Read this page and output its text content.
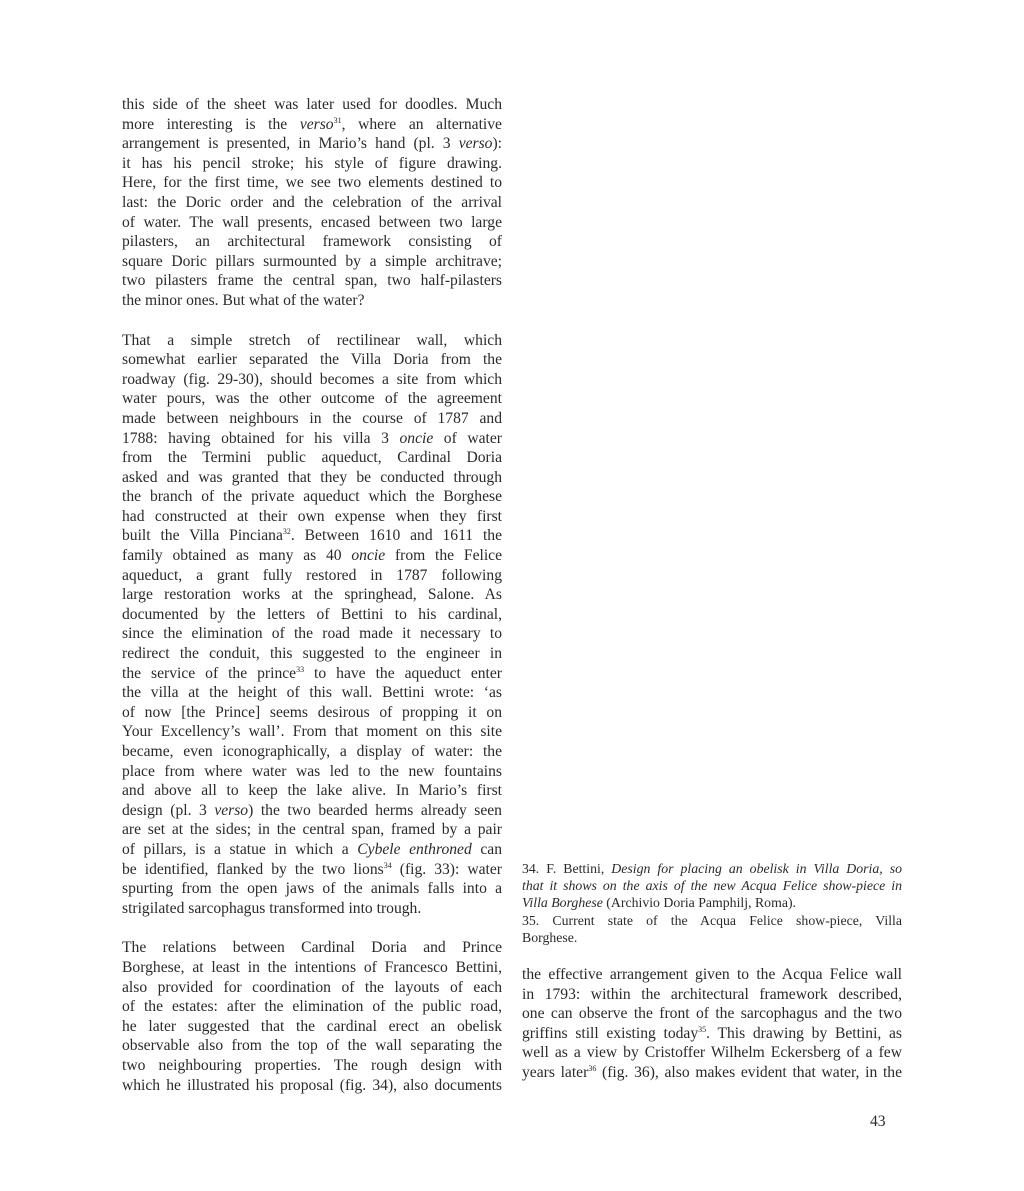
this side of the sheet was later used for doodles. Much
more interesting is the verso$^{31}$, where an alternative
arrangement is presented, in Mario’s hand (pl. 3 verso):
it has his pencil stroke; his style of figure drawing.
Here, for the first time, we see two elements destined to
last: the Doric order and the celebration of the arrival
of water. The wall presents, encased between two large
pilasters, an architectural framework consisting of
square Doric pillars surmounted by a simple architrave;
two pilasters frame the central span, two half-pilasters
the minor ones. But what of the water?
That a simple stretch of rectilinear wall, which
somewhat earlier separated the Villa Doria from the
roadway (fig. 29-30), should becomes a site from which
water pours, was the other outcome of the agreement
made between neighbours in the course of 1787 and
1788: having obtained for his villa 3 oncie of water
from the Termini public aqueduct, Cardinal Doria
asked and was granted that they be conducted through
the branch of the private aqueduct which the Borghese
had constructed at their own expense when they first
built the Villa Pinciana$^{32}$. Between 1610 and 1611 the
family obtained as many as 40 oncie from the Felice
aqueduct, a grant fully restored in 1787 following
large restoration works at the springhead, Salone. As
documented by the letters of Bettini to his cardinal,
since the elimination of the road made it necessary to
redirect the conduit, this suggested to the engineer in
the service of the prince$^{33}$ to have the aqueduct enter
the villa at the height of this wall. Bettini wrote: ‘as
of now [the Prince] seems desirous of propping it on
Your Excellency’s wall’. From that moment on this site
became, even iconographically, a display of water: the
place from where water was led to the new fountains
and above all to keep the lake alive. In Mario’s first
design (pl. 3 verso) the two bearded herms already seen
are set at the sides; in the central span, framed by a pair
of pillars, is a statue in which a Cybele enthroned can
be identified, flanked by the two lions$^{34}$ (fig. 33): water
spurting from the open jaws of the animals falls into a
strigilated sarcophagus transformed into trough.
The relations between Cardinal Doria and Prince
Borghese, at least in the intentions of Francesco Bettini,
also provided for coordination of the layouts of each
of the estates: after the elimination of the public road,
he later suggested that the cardinal erect an obelisk
observable also from the top of the wall separating the
two neighbouring properties. The rough design with
which he illustrated his proposal (fig. 34), also documents
34. F. Bettini, Design for placing an obelisk in Villa Doria, so
that it shows on the axis of the new Acqua Felice show-piece in
Villa Borghese (Archivio Doria Pamphilj, Roma).
35. Current state of the Acqua Felice show-piece, Villa
Borghese.
the effective arrangement given to the Acqua Felice wall
in 1793: within the architectural framework described,
one can observe the front of the sarcophagus and the two
griffins still existing today$^{35}$. This drawing by Bettini, as
well as a view by Cristoffer Wilhelm Eckersberg of a few
years later$^{36}$ (fig. 36), also makes evident that water, in the
43
